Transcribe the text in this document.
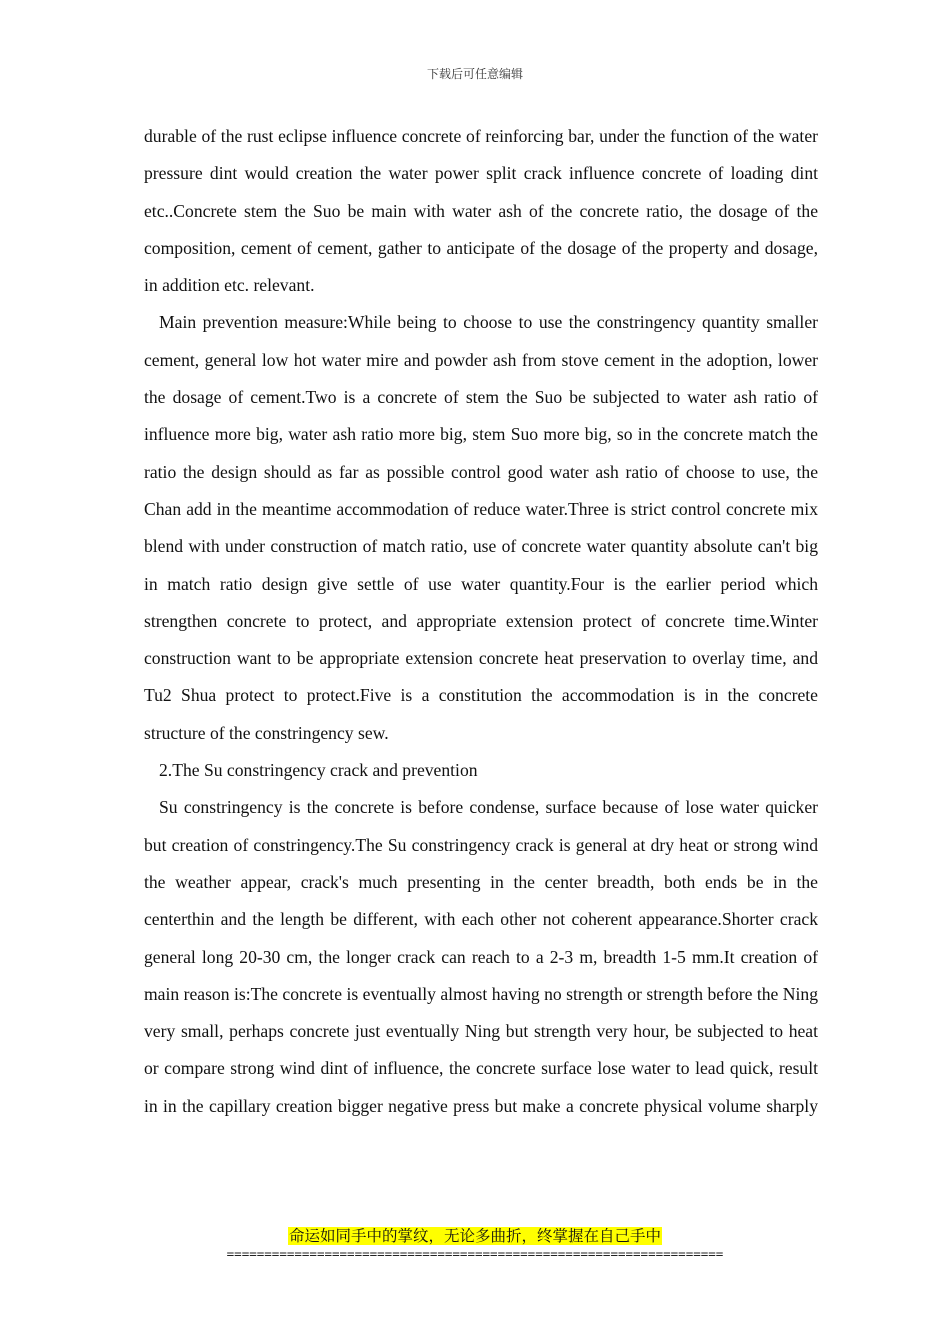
下载后可任意编辑

durable of the rust eclipse influence concrete of reinforcing bar, under the function of the water pressure dint would creation the water power split crack influence concrete of loading dint etc..Concrete stem the Suo be main with water ash of the concrete ratio, the dosage of the composition, cement of cement, gather to anticipate of the dosage of the property and dosage, in addition etc. relevant.

Main prevention measure:While being to choose to use the constringency quantity smaller cement, general low hot water mire and powder ash from stove cement in the adoption, lower the dosage of cement.Two is a concrete of stem the Suo be subjected to water ash ratio of influence more big, water ash ratio more big, stem Suo more big, so in the concrete match the ratio the design should as far as possible control good water ash ratio of choose to use, the Chan add in the meantime accommodation of reduce water.Three is strict control concrete mix blend with under construction of match ratio, use of concrete water quantity absolute can't big in match ratio design give settle of use water quantity.Four is the earlier period which strengthen concrete to protect, and appropriate extension protect of concrete time.Winter construction want to be appropriate extension concrete heat preservation to overlay time, and Tu2 Shua protect to protect.Five is a constitution the accommodation is in the concrete structure of the constringency sew.

2.The Su constringency crack and prevention

Su constringency is the concrete is before condense, surface because of lose water quicker but creation of constringency.The Su constringency crack is general at dry heat or strong wind the weather appear, crack's much presenting in the center breadth, both ends be in the centerthin and the length be different, with each other not coherent appearance.Shorter crack general long 20-30 cm, the longer crack can reach to a 2-3 m, breadth 1-5 mm.It creation of main reason is:The concrete is eventually almost having no strength or strength before the Ning very small, perhaps concrete just eventually Ning but strength very hour, be subjected to heat or compare strong wind dint of influence, the concrete surface lose water to lead quick, result in in the capillary creation bigger negative press but make a concrete physical volume sharply

命运如同手中的掌纹，无论多曲折，终掌握在自己手中
==================================================================
